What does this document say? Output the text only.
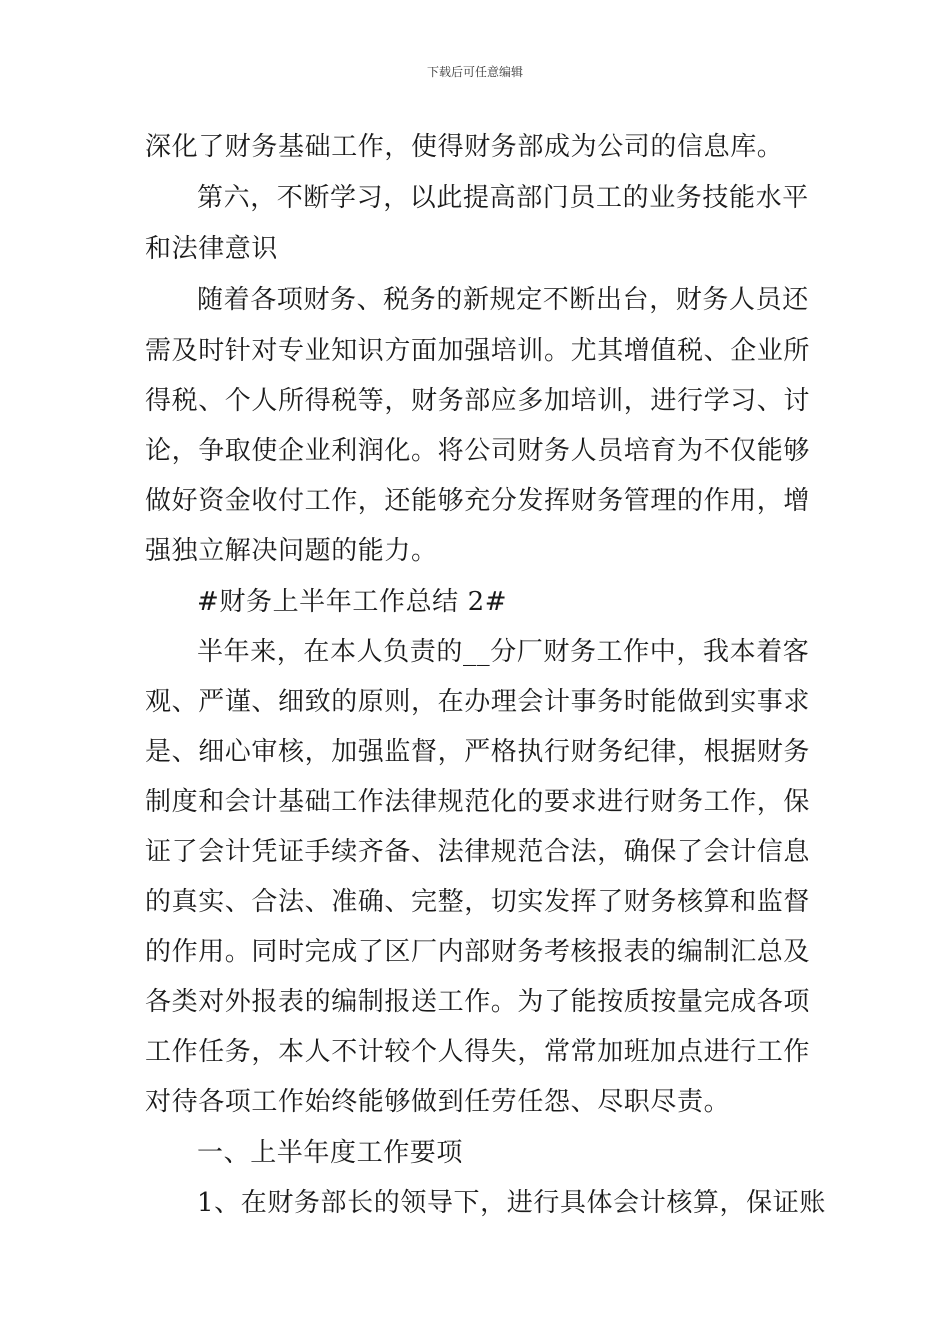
下载后可任意编辑
深化了财务基础工作，使得财务部成为公司的信息库。
第六，不断学习，以此提高部门员工的业务技能水平
和法律意识
随着各项财务、税务的新规定不断出台，财务人员还
需及时针对专业知识方面加强培训。尤其增值税、企业所
得税、个人所得税等，财务部应多加培训，进行学习、讨
论，争取使企业利润化。将公司财务人员培育为不仅能够
做好资金收付工作，还能够充分发挥财务管理的作用，增
强独立解决问题的能力。
#财务上半年工作总结 2#
半年来，在本人负责的__分厂财务工作中，我本着客
观、严谨、细致的原则，在办理会计事务时能做到实事求
是、细心审核，加强监督，严格执行财务纪律，根据财务
制度和会计基础工作法律规范化的要求进行财务工作，保
证了会计凭证手续齐备、法律规范合法，确保了会计信息
的真实、合法、准确、完整，切实发挥了财务核算和监督
的作用。同时完成了区厂内部财务考核报表的编制汇总及
各类对外报表的编制报送工作。为了能按质按量完成各项
工作任务，本人不计较个人得失，常常加班加点进行工作
对待各项工作始终能够做到任劳任怨、尽职尽责。
一、上半年度工作要项
1、在财务部长的领导下，进行具体会计核算，保证账
